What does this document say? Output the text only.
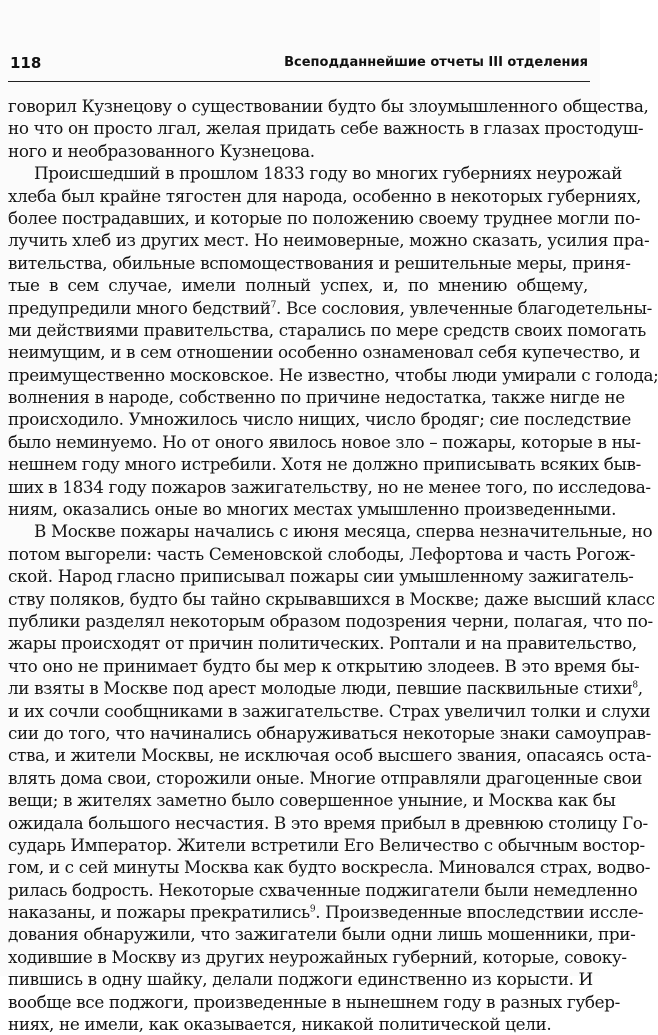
118	Всеподданнейшие отчеты III отделения
говорил Кузнецову о существовании будто бы злоумышленного общества,
но что он просто лгал, желая придать себе важность в глазах простодуш-
ного и необразованного Кузнецова.
Происшедший в прошлом 1833 году во многих губерниях неурожай
хлеба был крайне тягостен для народа, особенно в некоторых губерниях,
более пострадавших, и которые по положению своему труднее могли по-
лучить хлеб из других мест. Но неимоверные, можно сказать, усилия пра-
вительства, обильные вспомоществования и решительные меры, приня-
тые в сем случае, имели полный успех, и, по мнению общему,
предупредили много бедствий$^7$. Все сословия, увлеченные благодетельны-
ми действиями правительства, старались по мере средств своих помогать
неимущим, и в сем отношении особенно ознаменовал себя купечество, и
преимущественно московское. Не известно, чтобы люди умирали с голода;
волнения в народе, собственно по причине недостатка, также нигде не
происходило. Умножилось число нищих, число бродяг; сие последствие
было неминуемо. Но от оного явилось новое зло – пожары, которые в ны-
нешнем году много истребили. Хотя не должно приписывать всяких быв-
ших в 1834 году пожаров зажигательству, но не менее того, по исследова-
ниям, оказались оные во многих местах умышленно произведенными.
В Москве пожары начались с июня месяца, сперва незначительные, но
потом выгорели: часть Семеновской слободы, Лефортова и часть Рогож-
ской. Народ гласно приписывал пожары сии умышленному зажигатель-
ству поляков, будто бы тайно скрывавшихся в Москве; даже высший класс
публики разделял некоторым образом подозрения черни, полагая, что по-
жары происходят от причин политических. Роптали и на правительство,
что оно не принимает будто бы мер к открытию злодеев. В это время бы-
ли взяты в Москве под арест молодые люди, певшие пасквильные стихи$^8$,
и их сочли сообщниками в зажигательстве. Страх увеличил толки и слухи
сии до того, что начинались обнаруживаться некоторые знаки самоуправ-
ства, и жители Москвы, не исключая особ высшего звания, опасаясь оста-
влять дома свои, сторожили оные. Многие отправляли драгоценные свои
вещи; в жителях заметно было совершенное уныние, и Москва как бы
ожидала большого несчастия. В это время прибыл в древнюю столицу Го-
сударь Император. Жители встретили Его Величество с обычным востор-
гом, и с сей минуты Москва как будто воскресла. Миновался страх, водво-
рилась бодрость. Некоторые схваченные поджигатели были немедленно
наказаны, и пожары прекратились$^9$. Произведенные впоследствии иссле-
дования обнаружили, что зажигатели были одни лишь мошенники, при-
ходившие в Москву из других неурожайных губерний, которые, совоку-
пившись в одну шайку, делали поджоги единственно из корысти. И
вообще все поджоги, произведенные в нынешнем году в разных губер-
ниях, не имели, как оказывается, никакой политической цели.
